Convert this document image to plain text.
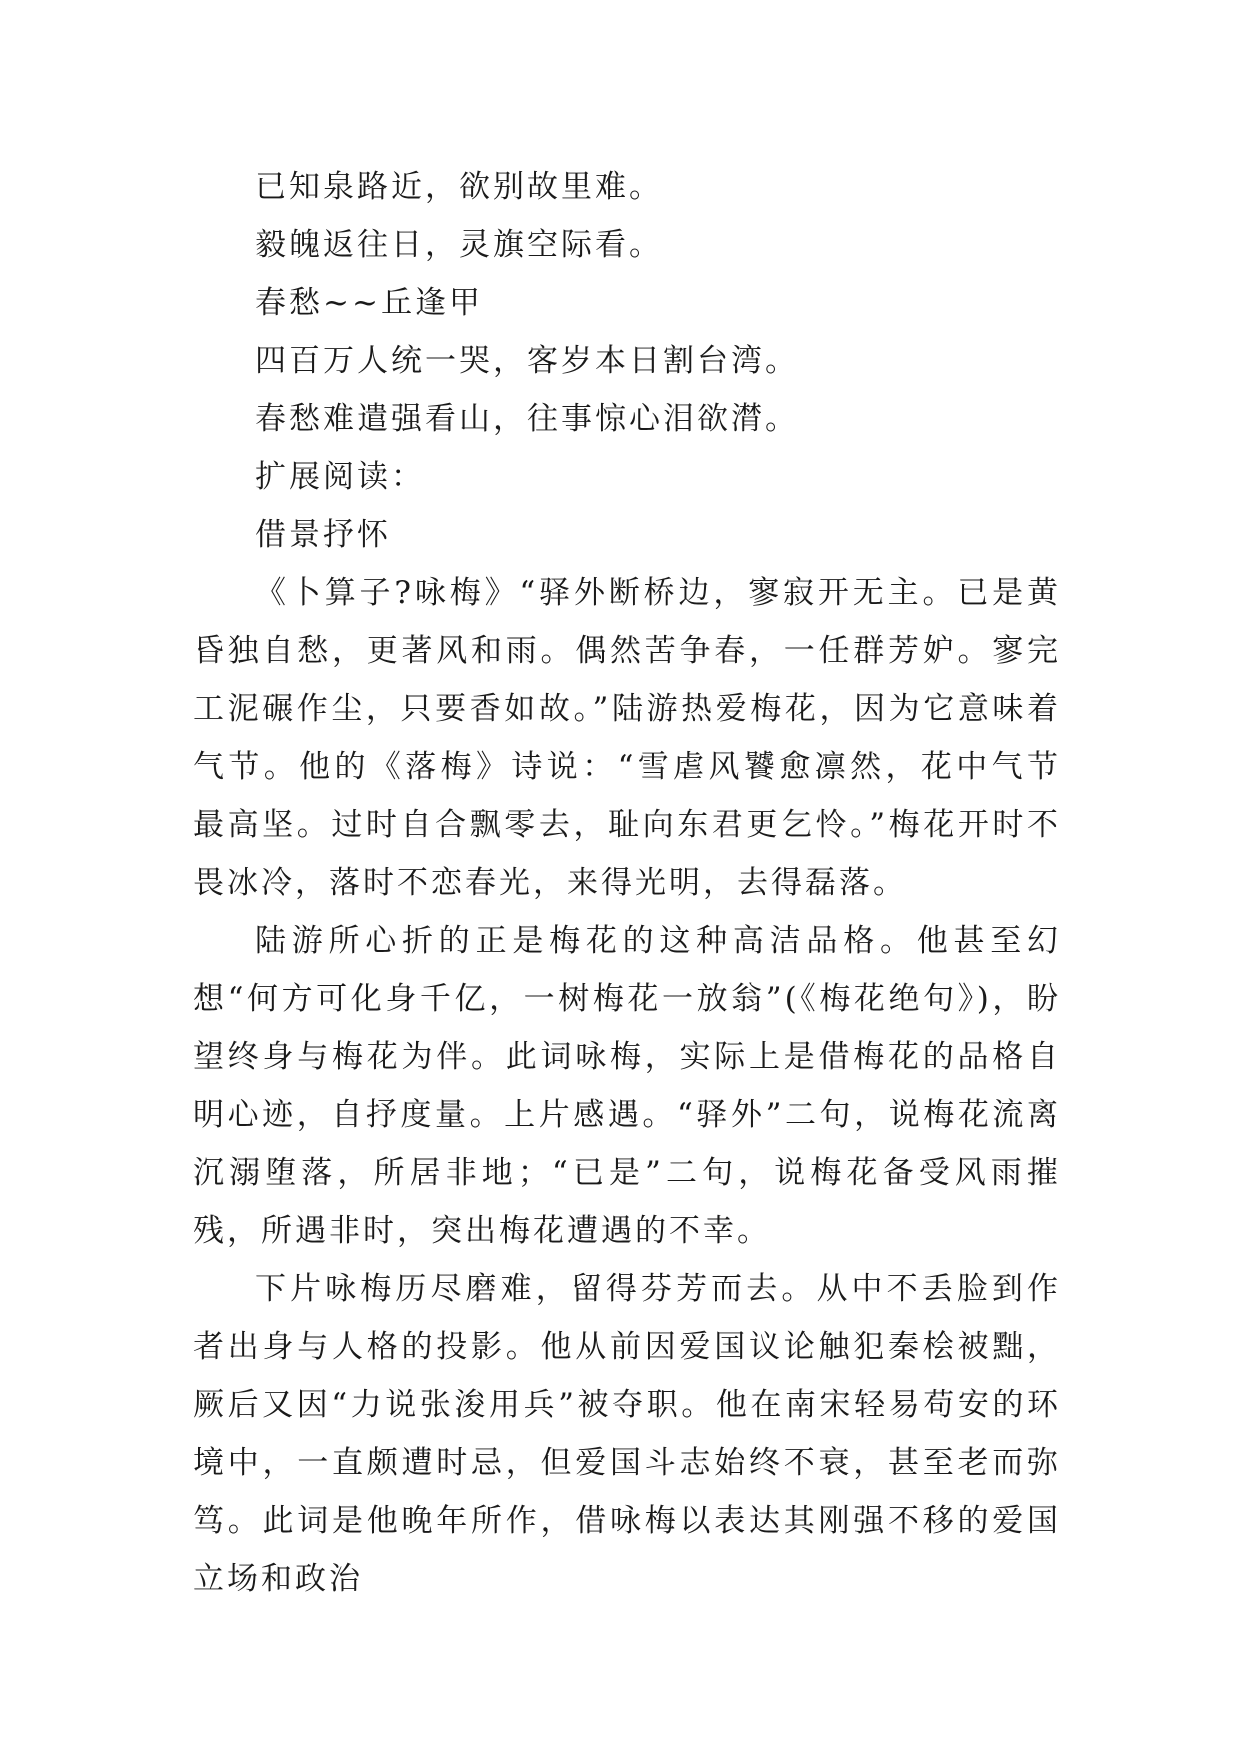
已知泉路近，欲别故里难。

毅魄返往日，灵旗空际看。

春愁~~丘逢甲

四百万人统一哭，客岁本日割台湾。

春愁难遣强看山，往事惊心泪欲潸。

扩展阅读：

借景抒怀

《卜算子?咏梅》“驿外断桥边，寥寂开无主。已是黄昏独自愁，更著风和雨。偶然苦争春，一任群芳妒。寥完工泥碾作尘，只要香如故。”陆游热爱梅花，因为它意味着气节。他的《落梅》诗说：“雪虐风饕愈凛然，花中气节最高坚。过时自合飘零去，耻向东君更乞怜。”梅花开时不畏冰冷，落时不恋春光，来得光明，去得磊落。

陆游所心折的正是梅花的这种高洁品格。他甚至幻想“何方可化身千亿，一树梅花一放翁”(《梅花绝句》)，盼望终身与梅花为伴。此词咏梅，实际上是借梅花的品格自明心迹，自抒度量。上片感遇。“驿外”二句，说梅花流离沉溺堕落，所居非地；“已是”二句，说梅花备受风雨摧残，所遇非时，突出梅花遭遇的不幸。

下片咏梅历尽磨难，留得芬芳而去。从中不丢脸到作者出身与人格的投影。他从前因爱国议论触犯秦桧被黜，厥后又因“力说张浚用兵”被夺职。他在南宋轻易苟安的环境中，一直颇遭时忌，但爱国斗志始终不衰，甚至老而弥笃。此词是他晚年所作，借咏梅以表达其刚强不移的爱国立场和政治
